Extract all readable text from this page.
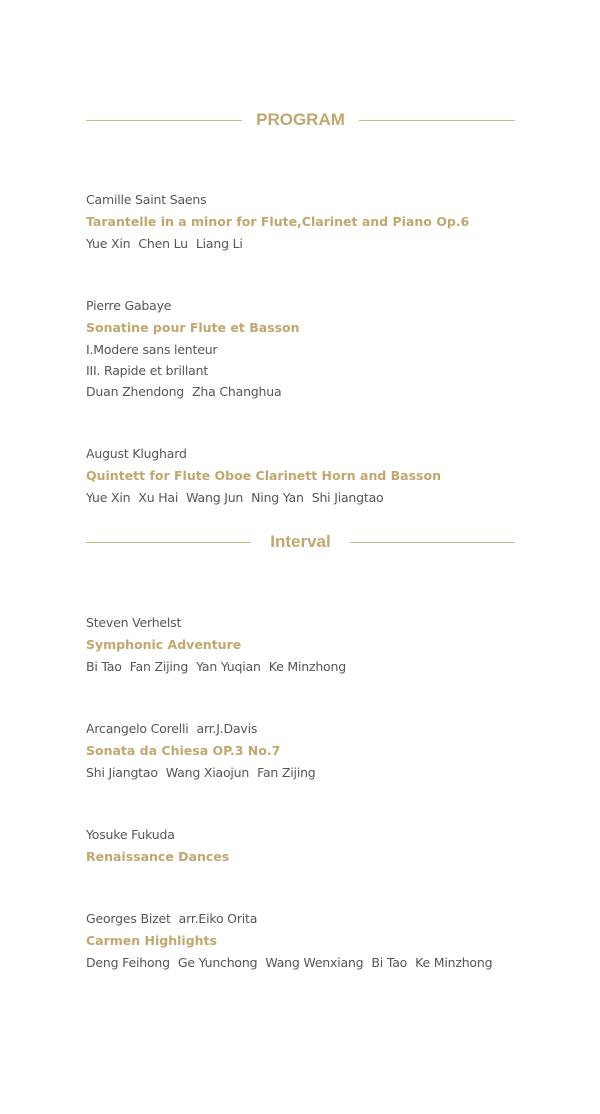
PROGRAM
Camille Saint Saens
Tarantelle in a minor for Flute,Clarinet and Piano Op.6
Yue Xin Chen Lu Liang Li
Pierre Gabaye
Sonatine pour Flute et Basson
I.Modere sans lenteur
III. Rapide et brillant
Duan Zhendong Zha Changhua
August Klughard
Quintett for Flute Oboe Clarinett Horn and Basson
Yue Xin Xu Hai Wang Jun Ning Yan Shi Jiangtao
Interval
Steven Verhelst
Symphonic Adventure
Bi Tao Fan Zijing Yan Yuqian Ke Minzhong
Arcangelo Corelli arr.J.Davis
Sonata da Chiesa OP.3 No.7
Shi Jiangtao Wang Xiaojun Fan Zijing
Yosuke Fukuda
Renaissance Dances
Georges Bizet arr.Eiko Orita
Carmen Highlights
Deng Feihong Ge Yunchong Wang Wenxiang Bi Tao Ke Minzhong
